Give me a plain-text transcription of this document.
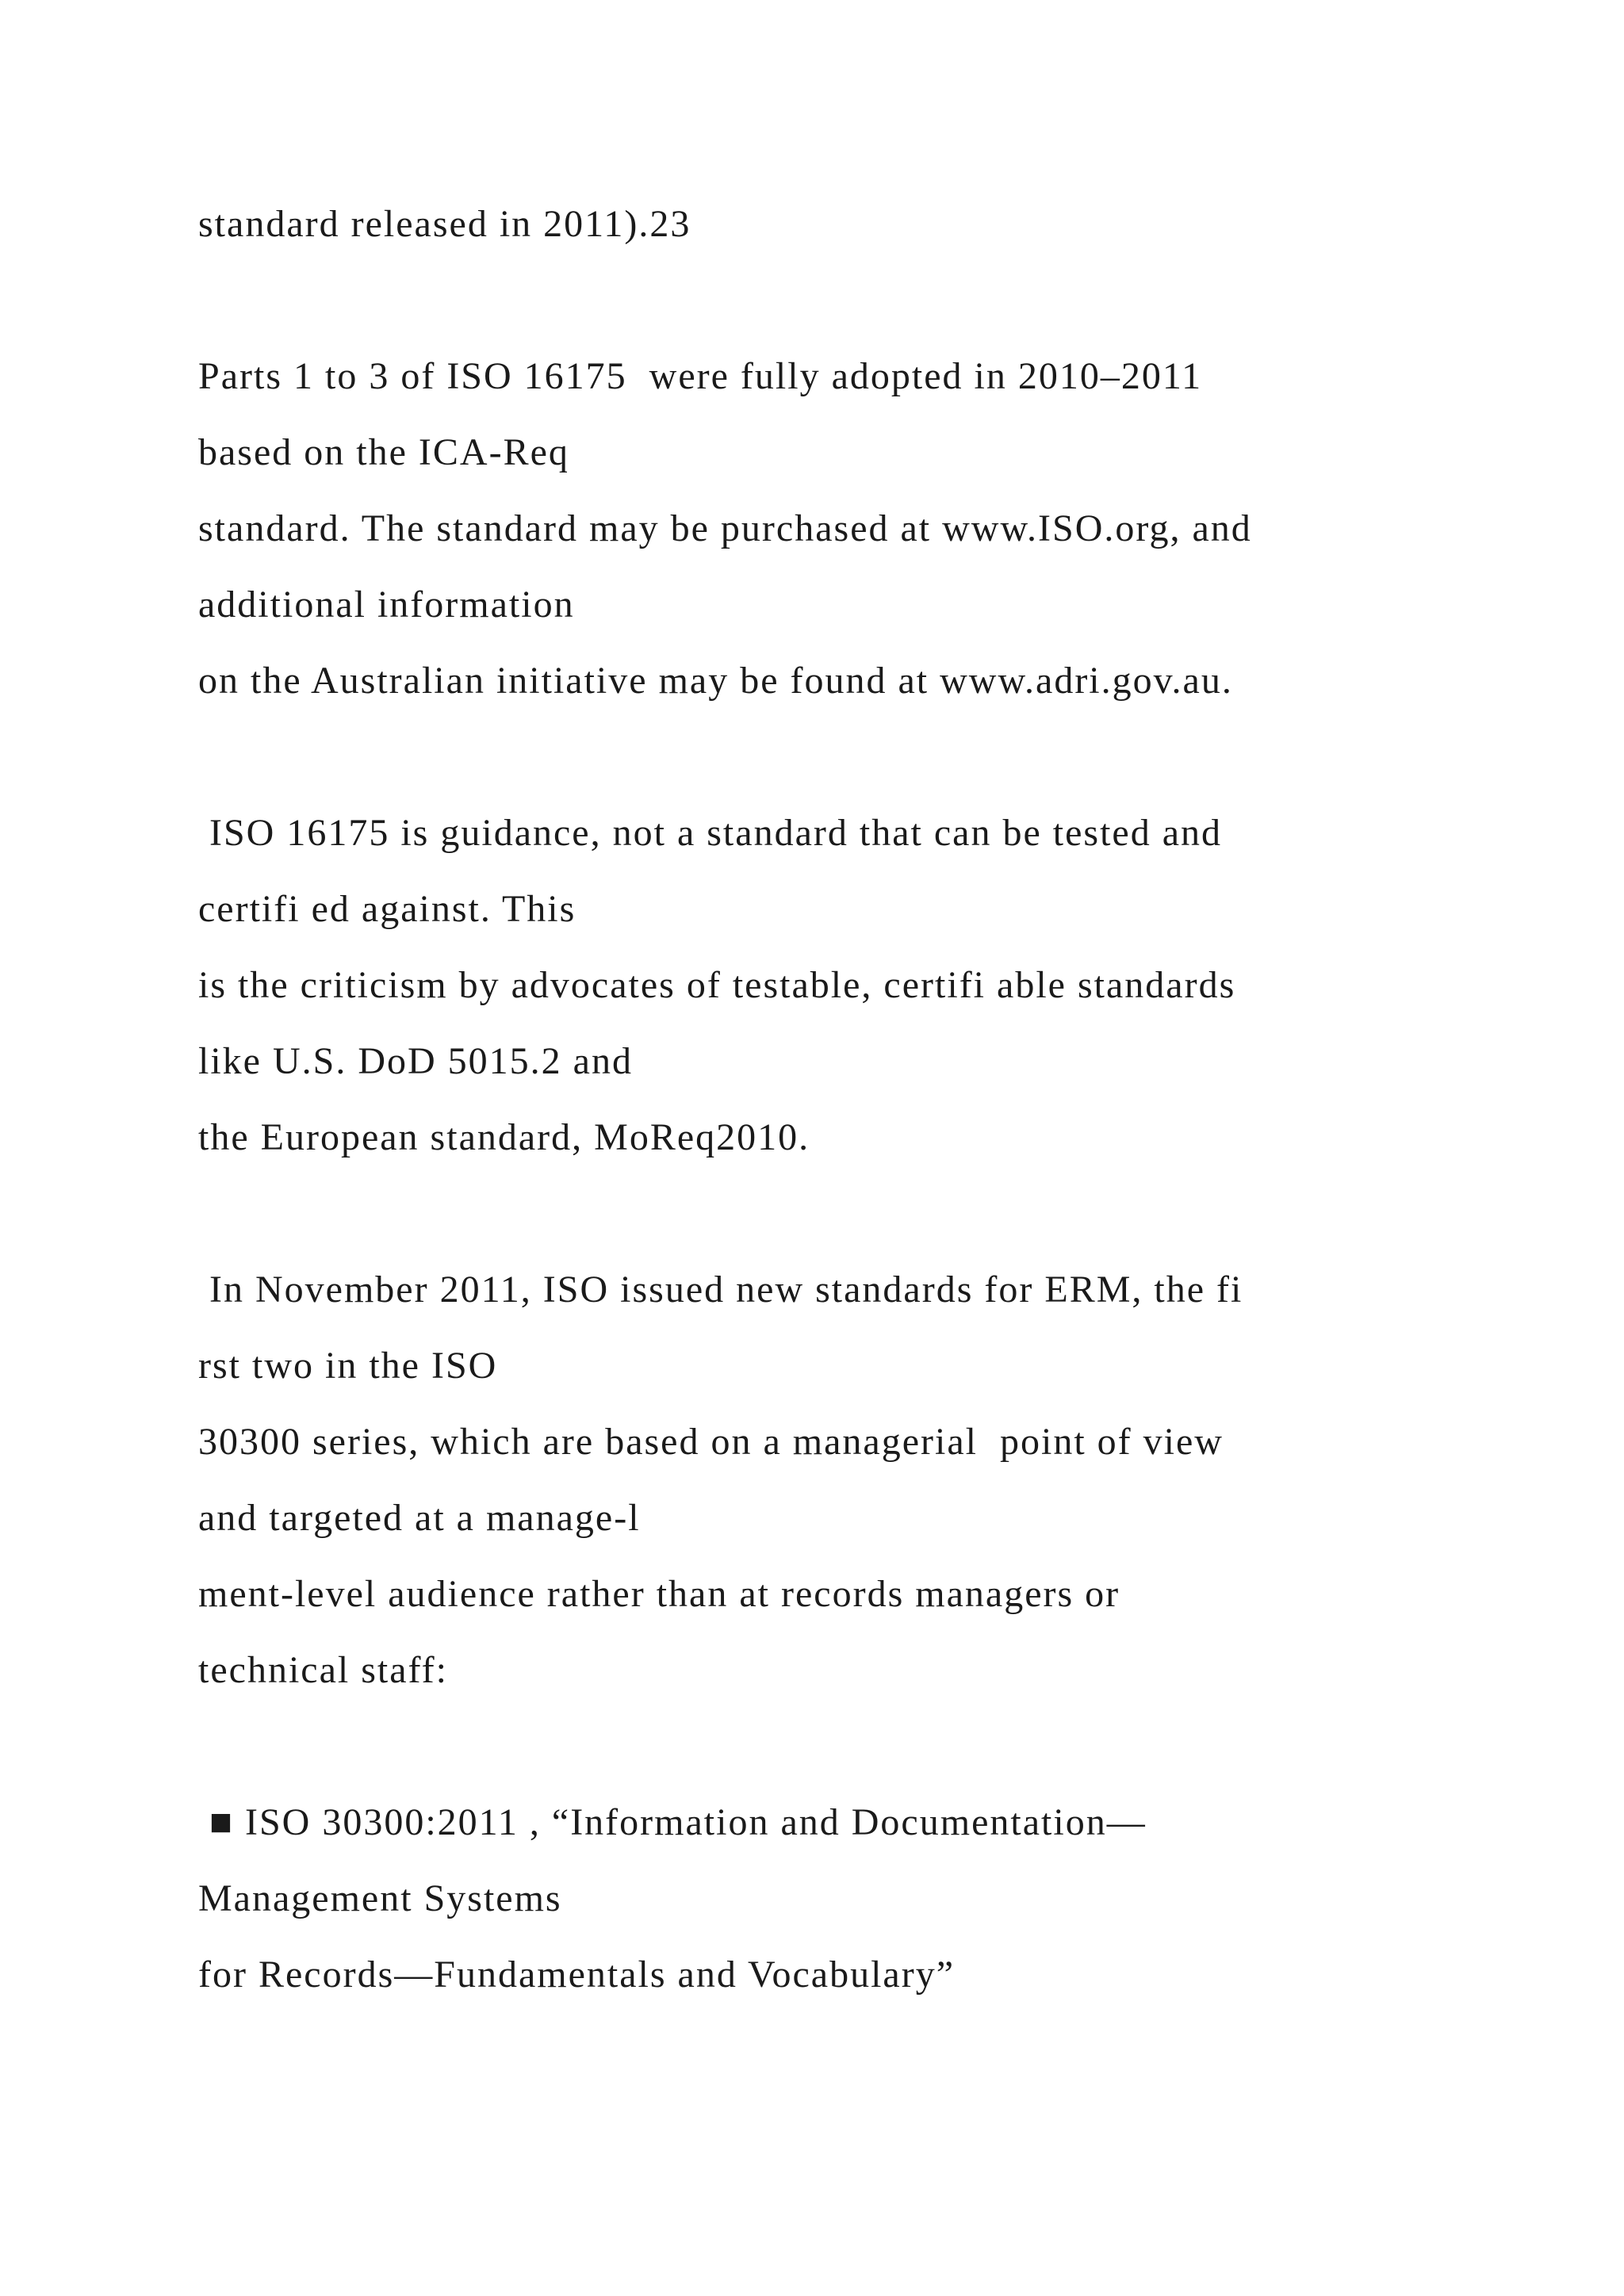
standard released in 2011).23
Parts 1 to 3 of ISO 16175  were fully adopted in 2010–2011
based on the ICA-Req
standard. The standard may be purchased at www.ISO.org, and
additional information
on the Australian initiative may be found at www.adri.gov.au.
ISO 16175 is guidance, not a standard that can be tested and
certifi ed against. This
is the criticism by advocates of testable, certifi able standards
like U.S. DoD 5015.2 and
the European standard, MoReq2010.
In November 2011, ISO issued new standards for ERM, the fi
rst two in the ISO
30300 series, which are based on a managerial  point of view
and targeted at a manage-l
ment-level audience rather than at records managers or
technical staff:
■ ISO 30300:2011 , “Information and Documentation—
Management Systems
for Records—Fundamentals and Vocabulary”
